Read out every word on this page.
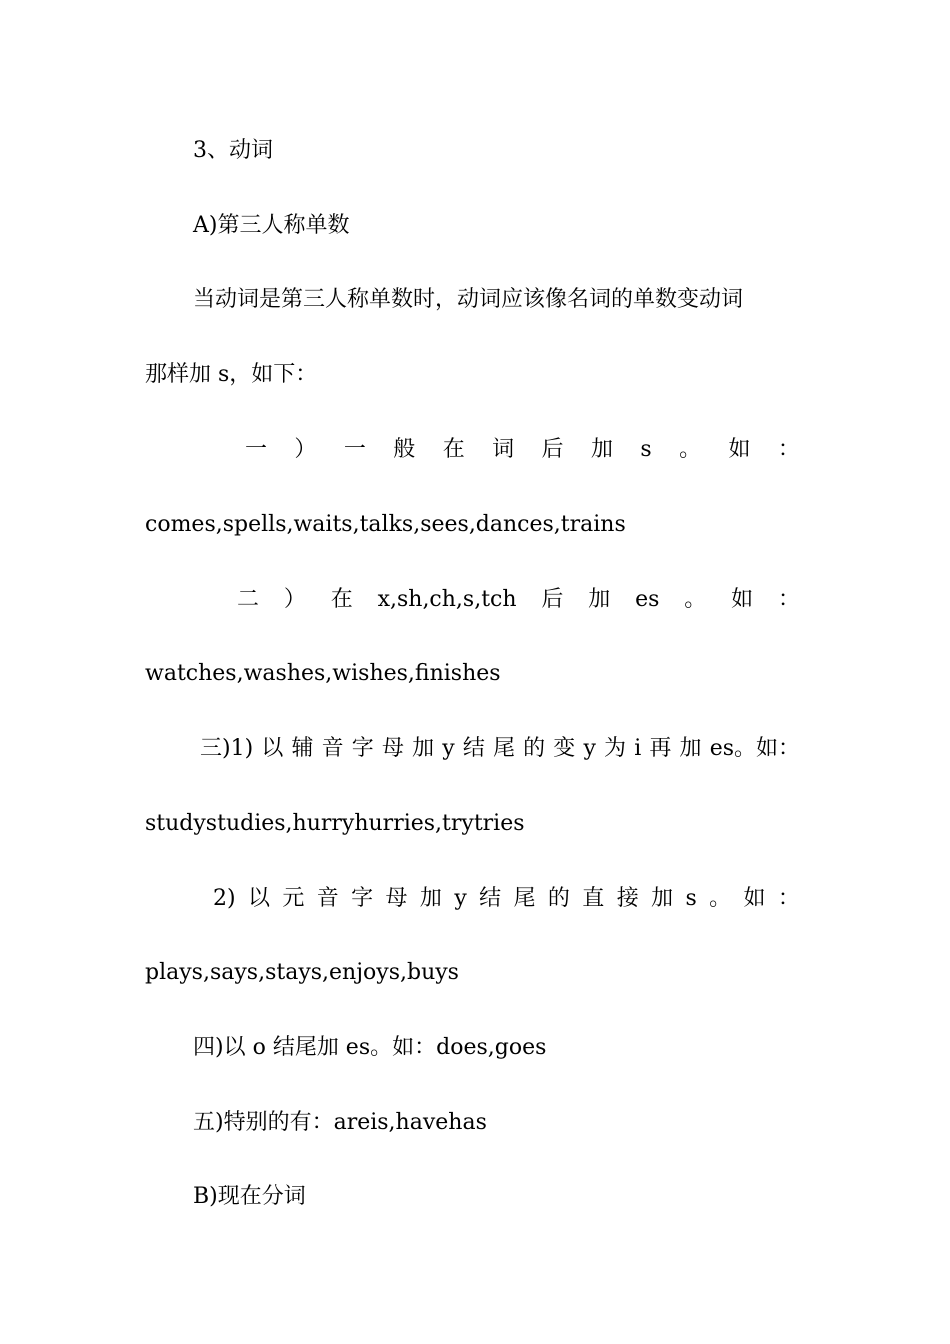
3、动词
A)第三人称单数
当动词是第三人称单数时，动词应该像名词的单数变动词
那样加 s，如下：
一 ） 一 般 在 词 后 加 s 。 如 ：
comes,spells,waits,talks,sees,dances,trains
二 ） 在 x,sh,ch,s,tch 后 加 es 。 如 ：
watches,washes,wishes,finishes
三)1) 以 辅 音 字 母 加 y 结 尾 的 变 y 为 i 再 加 es。如：
studystudies,hurryhurries,trytries
2) 以 元 音 字 母 加 y 结 尾 的 直 接 加 s 。 如 ：
plays,says,stays,enjoys,buys
四)以 o 结尾加 es。如：does,goes
五)特别的有：areis,havehas
B)现在分词
